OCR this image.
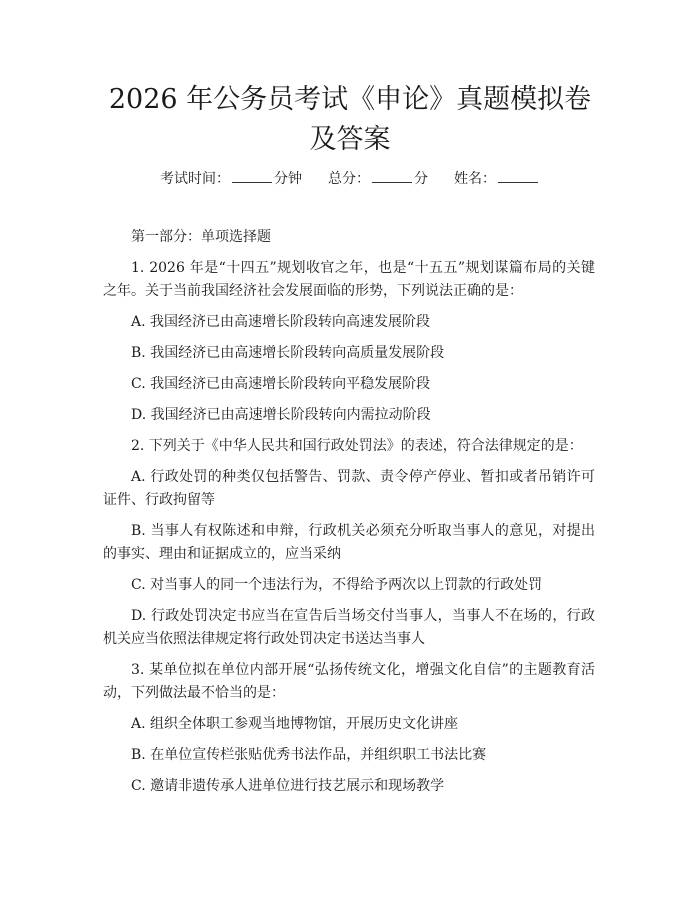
2026 年公务员考试《申论》真题模拟卷及答案
考试时间：	分钟 总分：	分 姓名：

第一部分：单项选择题

1. 2026 年是“十四五”规划收官之年，也是“十五五”规划谋篇布局的关键之年。关于当前我国经济社会发展面临的形势，下列说法正确的是：

A. 我国经济已由高速增长阶段转向高速发展阶段

B. 我国经济已由高速增长阶段转向高质量发展阶段

C. 我国经济已由高速增长阶段转向平稳发展阶段

D. 我国经济已由高速增长阶段转向内需拉动阶段

2. 下列关于《中华人民共和国行政处罚法》的表述，符合法律规定的是：

A. 行政处罚的种类仅包括警告、罚款、责令停产停业、暂扣或者吊销许可证件、行政拘留等

B. 当事人有权陈述和申辩，行政机关必须充分听取当事人的意见，对提出的事实、理由和证据成立的，应当采纳

C. 对当事人的同一个违法行为，不得给予两次以上罚款的行政处罚

D. 行政处罚决定书应当在宣告后当场交付当事人，当事人不在场的，行政机关应当依照法律规定将行政处罚决定书送达当事人

3. 某单位拟在单位内部开展“弘扬传统文化，增强文化自信”的主题教育活动，下列做法最不恰当的是：

A. 组织全体职工参观当地博物馆，开展历史文化讲座

B. 在单位宣传栏张贴优秀书法作品，并组织职工书法比赛

C. 邀请非遗传承人进单位进行技艺展示和现场教学
